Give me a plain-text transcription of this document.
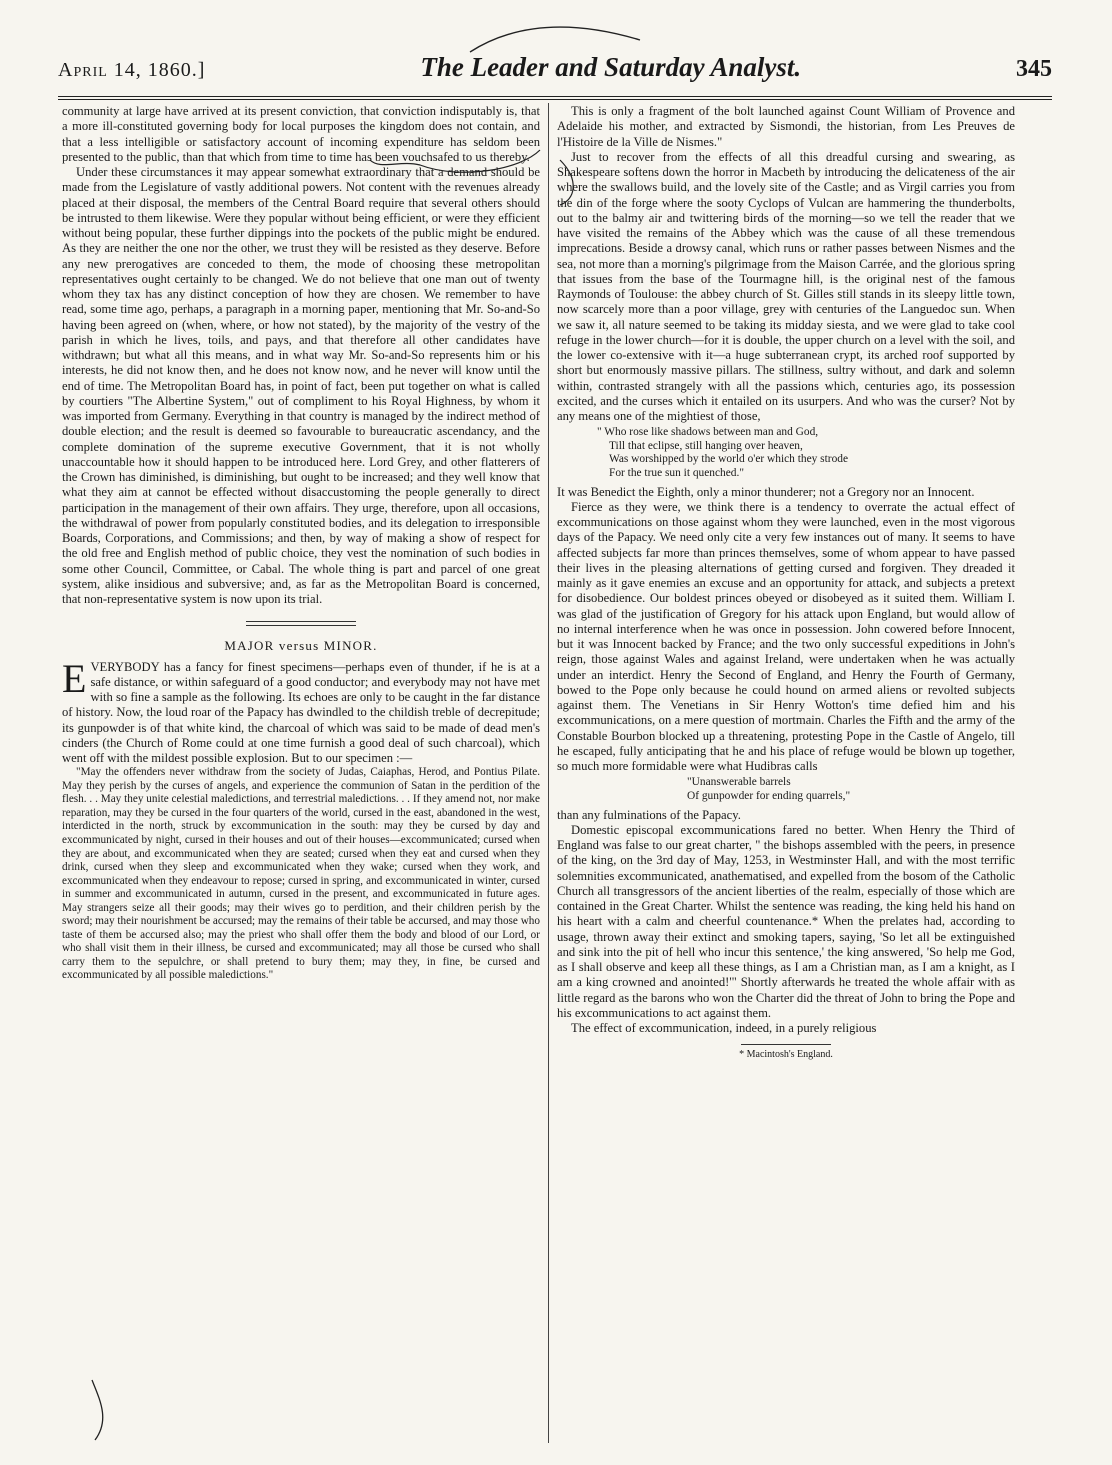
April 14, 1860.]	The Leader and Saturday Analyst.	345

community at large have arrived at its present conviction, that conviction indisputably is, that a more ill-constituted governing body for local purposes the kingdom does not contain, and that a less intelligible or satisfactory account of incoming expenditure has seldom been presented to the public, than that which from time to time has been vouchsafed to us thereby.

Under these circumstances it may appear somewhat extraordinary that a demand should be made from the Legislature of vastly additional powers. Not content with the revenues already placed at their disposal, the members of the Central Board require that several others should be intrusted to them likewise. Were they popular without being efficient, or were they efficient without being popular, these further dippings into the pockets of the public might be endured. As they are neither the one nor the other, we trust they will be resisted as they deserve. Before any new prerogatives are conceded to them, the mode of choosing these metropolitan representatives ought certainly to be changed. We do not believe that one man out of twenty whom they tax has any distinct conception of how they are chosen. We remember to have read, some time ago, perhaps, a paragraph in a morning paper, mentioning that Mr. So-and-So having been agreed on (when, where, or how not stated), by the majority of the vestry of the parish in which he lives, toils, and pays, and that therefore all other candidates have withdrawn; but what all this means, and in what way Mr. So-and-So represents him or his interests, he did not know then, and he does not know now, and he never will know until the end of time. The Metropolitan Board has, in point of fact, been put together on what is called by courtiers "The Albertine System," out of compliment to his Royal Highness, by whom it was imported from Germany. Everything in that country is managed by the indirect method of double election; and the result is deemed so favourable to bureaucratic ascendancy, and the complete domination of the supreme executive Government, that it is not wholly unaccountable how it should happen to be introduced here. Lord Grey, and other flatterers of the Crown has diminished, is diminishing, but ought to be increased; and they well know that what they aim at cannot be effected without disaccustoming the people generally to direct participation in the management of their own affairs. They urge, therefore, upon all occasions, the withdrawal of power from popularly constituted bodies, and its delegation to irresponsible Boards, Corporations, and Commissions; and then, by way of making a show of respect for the old free and English method of public choice, they vest the nomination of such bodies in some other Council, Committee, or Cabal. The whole thing is part and parcel of one great system, alike insidious and subversive; and, as far as the Metropolitan Board is concerned, that non-representative system is now upon its trial.

MAJOR versus MINOR.

EVERYBODY has a fancy for finest specimens—perhaps even of thunder, if he is at a safe distance, or within safeguard of a good conductor; and everybody may not have met with so fine a sample as the following. Its echoes are only to be caught in the far distance of history. Now, the loud roar of the Papacy has dwindled to the childish treble of decrepitude; its gunpowder is of that white kind, the charcoal of which was said to be made of dead men's cinders (the Church of Rome could at one time furnish a good deal of such charcoal), which went off with the mildest possible explosion. But to our specimen :—

"May the offenders never withdraw from the society of Judas, Caiaphas, Herod, and Pontius Pilate. May they perish by the curses of angels, and experience the communion of Satan in the perdition of the flesh. . . May they unite celestial maledictions, and terrestrial maledictions. . . If they amend not, nor make reparation, may they be cursed in the four quarters of the world, cursed in the east, abandoned in the west, interdicted in the north, struck by excommunication in the south: may they be cursed by day and excommunicated by night, cursed in their houses and out of their houses—excommunicated; cursed when they are about, and excommunicated when they are seated; cursed when they eat and cursed when they drink, cursed when they sleep and excommunicated when they wake; cursed when they work, and excommunicated when they endeavour to repose; cursed in spring, and excommunicated in winter, cursed in summer and excommunicated in autumn, cursed in the present, and excommunicated in future ages. May strangers seize all their goods; may their wives go to perdition, and their children perish by the sword; may their nourishment be accursed; may the remains of their table be accursed, and may those who taste of them be accursed also; may the priest who shall offer them the body and blood of our Lord, or who shall visit them in their illness, be cursed and excommunicated; may all those be cursed who shall carry them to the sepulchre, or shall pretend to bury them; may they, in fine, be cursed and excommunicated by all possible maledictions."

This is only a fragment of the bolt launched against Count William of Provence and Adelaide his mother, and extracted by Sismondi, the historian, from Les Preuves de l'Histoire de la Ville de Nismes."

Just to recover from the effects of all this dreadful cursing and swearing, as Shakespeare softens down the horror in Macbeth by introducing the delicateness of the air where the swallows build, and the lovely site of the Castle; and as Virgil carries you from the din of the forge where the sooty Cyclops of Vulcan are hammering the thunderbolts, out to the balmy air and twittering birds of the morning—so we tell the reader that we have visited the remains of the Abbey which was the cause of all these tremendous imprecations. Beside a drowsy canal, which runs or rather passes between Nismes and the sea, not more than a morning's pilgrimage from the Maison Carrée, and the glorious spring that issues from the base of the Tourmagne hill, is the original nest of the famous Raymonds of Toulouse: the abbey church of St. Gilles still stands in its sleepy little town, now scarcely more than a poor village, grey with centuries of the Languedoc sun. When we saw it, all nature seemed to be taking its midday siesta, and we were glad to take cool refuge in the lower church—for it is double, the upper church on a level with the soil, and the lower co-extensive with it—a huge subterranean crypt, its arched roof supported by short but enormously massive pillars. The stillness, sultry without, and dark and solemn within, contrasted strangely with all the passions which, centuries ago, its possession excited, and the curses which it entailed on its usurpers. And who was the curser? Not by any means one of the mightiest of those,

" Who rose like shadows between man and God,
Till that eclipse, still hanging over heaven,
Was worshipped by the world o'er which they strode
For the true sun it quenched."

It was Benedict the Eighth, only a minor thunderer; not a Gregory nor an Innocent.

Fierce as they were, we think there is a tendency to overrate the actual effect of excommunications on those against whom they were launched, even in the most vigorous days of the Papacy. We need only cite a very few instances out of many. It seems to have affected subjects far more than princes themselves, some of whom appear to have passed their lives in the pleasing alternations of getting cursed and forgiven. They dreaded it mainly as it gave enemies an excuse and an opportunity for attack, and subjects a pretext for disobedience. Our boldest princes obeyed or disobeyed as it suited them. William I. was glad of the justification of Gregory for his attack upon England, but would allow of no internal interference when he was once in possession. John cowered before Innocent, but it was Innocent backed by France; and the two only successful expeditions in John's reign, those against Wales and against Ireland, were undertaken when he was actually under an interdict. Henry the Second of England, and Henry the Fourth of Germany, bowed to the Pope only because he could hound on armed aliens or revolted subjects against them. The Venetians in Sir Henry Wotton's time defied him and his excommunications, on a mere question of mortmain. Charles the Fifth and the army of the Constable Bourbon blocked up a threatening, protesting Pope in the Castle of Angelo, till he escaped, fully anticipating that he and his place of refuge would be blown up together, so much more formidable were what Hudibras calls

"Unanswerable barrels
Of gunpowder for ending quarrels,"

than any fulminations of the Papacy.

Domestic episcopal excommunications fared no better. When Henry the Third of England was false to our great charter, " the bishops assembled with the peers, in presence of the king, on the 3rd day of May, 1253, in Westminster Hall, and with the most terrific solemnities excommunicated, anathematised, and expelled from the bosom of the Catholic Church all transgressors of the ancient liberties of the realm, especially of those which are contained in the Great Charter. Whilst the sentence was reading, the king held his hand on his heart with a calm and cheerful countenance.* When the prelates had, according to usage, thrown away their extinct and smoking tapers, saying, 'So let all be extinguished and sink into the pit of hell who incur this sentence,' the king answered, 'So help me God, as I shall observe and keep all these things, as I am a Christian man, as I am a knight, as I am a king crowned and anointed!'" Shortly afterwards he treated the whole affair with as little regard as the barons who won the Charter did the threat of John to bring the Pope and his excommunications to act against them.

The effect of excommunication, indeed, in a purely religious

* Macintosh's England.
